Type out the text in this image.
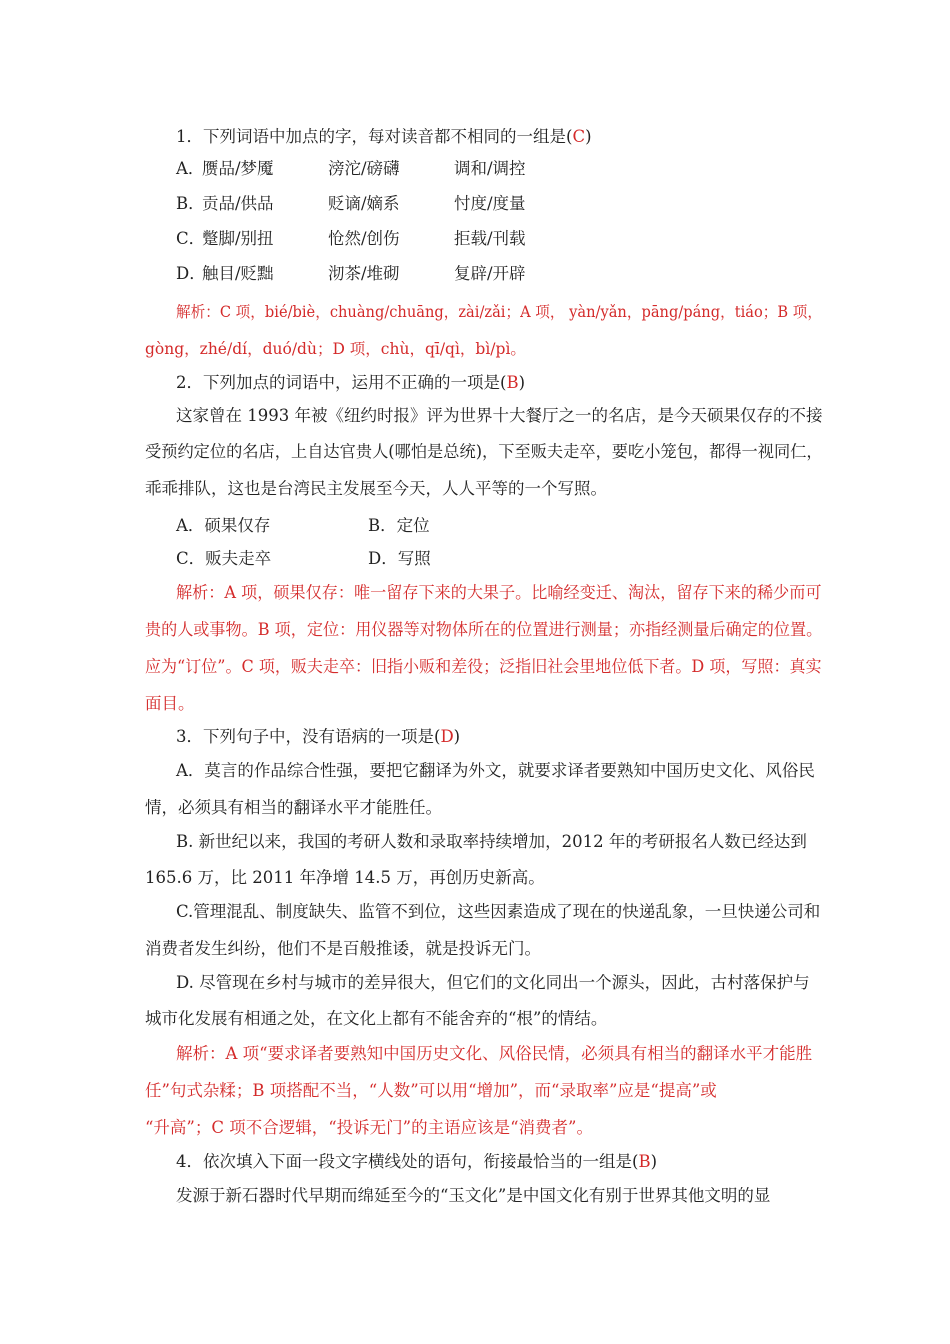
1．下列词语中加点的字，每对读音都不相同的一组是(C)
A．
赝品/梦魇	滂沱/磅礴	调和/调控
B．
贡品/供品	贬谪/嫡系	忖度/度量
C．
蹩脚/别扭	怆然/创伤	拒载/刊载
D．
触目/贬黜	沏茶/堆砌	复辟/开辟
解析：C 项，bié/biè，chuàng/chuāng，zài/zǎi；A 项， yàn/yǎn，pāng/páng，tiáo；B 项，
gòng，zhé/dí，duó/dù；D 项，chù，qī/qì，bì/pì。
2．下列加点的词语中，运用不正确的一项是(B)
这家曾在 1993 年被《纽约时报》评为世界十大餐厅之一的名店，是今天硕果仅存的不接
受预约定位的名店，上自达官贵人(哪怕是总统)，下至贩夫走卒，要吃小笼包，都得一视同仁，
乖乖排队，这也是台湾民主发展至今天，人人平等的一个写照。
A．硕果仅存	B．定位
C．贩夫走卒	D．写照
解析：A 项，硕果仅存：唯一留存下来的大果子。比喻经变迁、淘汰，留存下来的稀少而可
贵的人或事物。B 项，定位：用仪器等对物体所在的位置进行测量；亦指经测量后确定的位置。
应为“订位”。C 项，贩夫走卒：旧指小贩和差役；泛指旧社会里地位低下者。D 项，写照：真实
面目。
3．下列句子中，没有语病的一项是(D)
A．莫言的作品综合性强，要把它翻译为外文，就要求译者要熟知中国历史文化、风俗民
情，必须具有相当的翻译水平才能胜任。
B. 新世纪以来，我国的考研人数和录取率持续增加，2012 年的考研报名人数已经达到
165.6 万，比 2011 年净增 14.5 万，再创历史新高。
C.管理混乱、制度缺失、监管不到位，这些因素造成了现在的快递乱象，一旦快递公司和
消费者发生纠纷，他们不是百般推诿，就是投诉无门。
D. 尽管现在乡村与城市的差异很大，但它们的文化同出一个源头，因此，古村落保护与
城市化发展有相通之处，在文化上都有不能舍弃的“根”的情结。
解析：A 项“要求译者要熟知中国历史文化、风俗民情，必须具有相当的翻译水平才能胜
任”句式杂糅；B 项搭配不当，“人数”可以用“增加”，而“录取率”应是“提高”或
“升高”；C 项不合逻辑，“投诉无门”的主语应该是“消费者”。
4．依次填入下面一段文字横线处的语句，衔接最恰当的一组是(B)
发源于新石器时代早期而绵延至今的“玉文化”是中国文化有别于世界其他文明的显
